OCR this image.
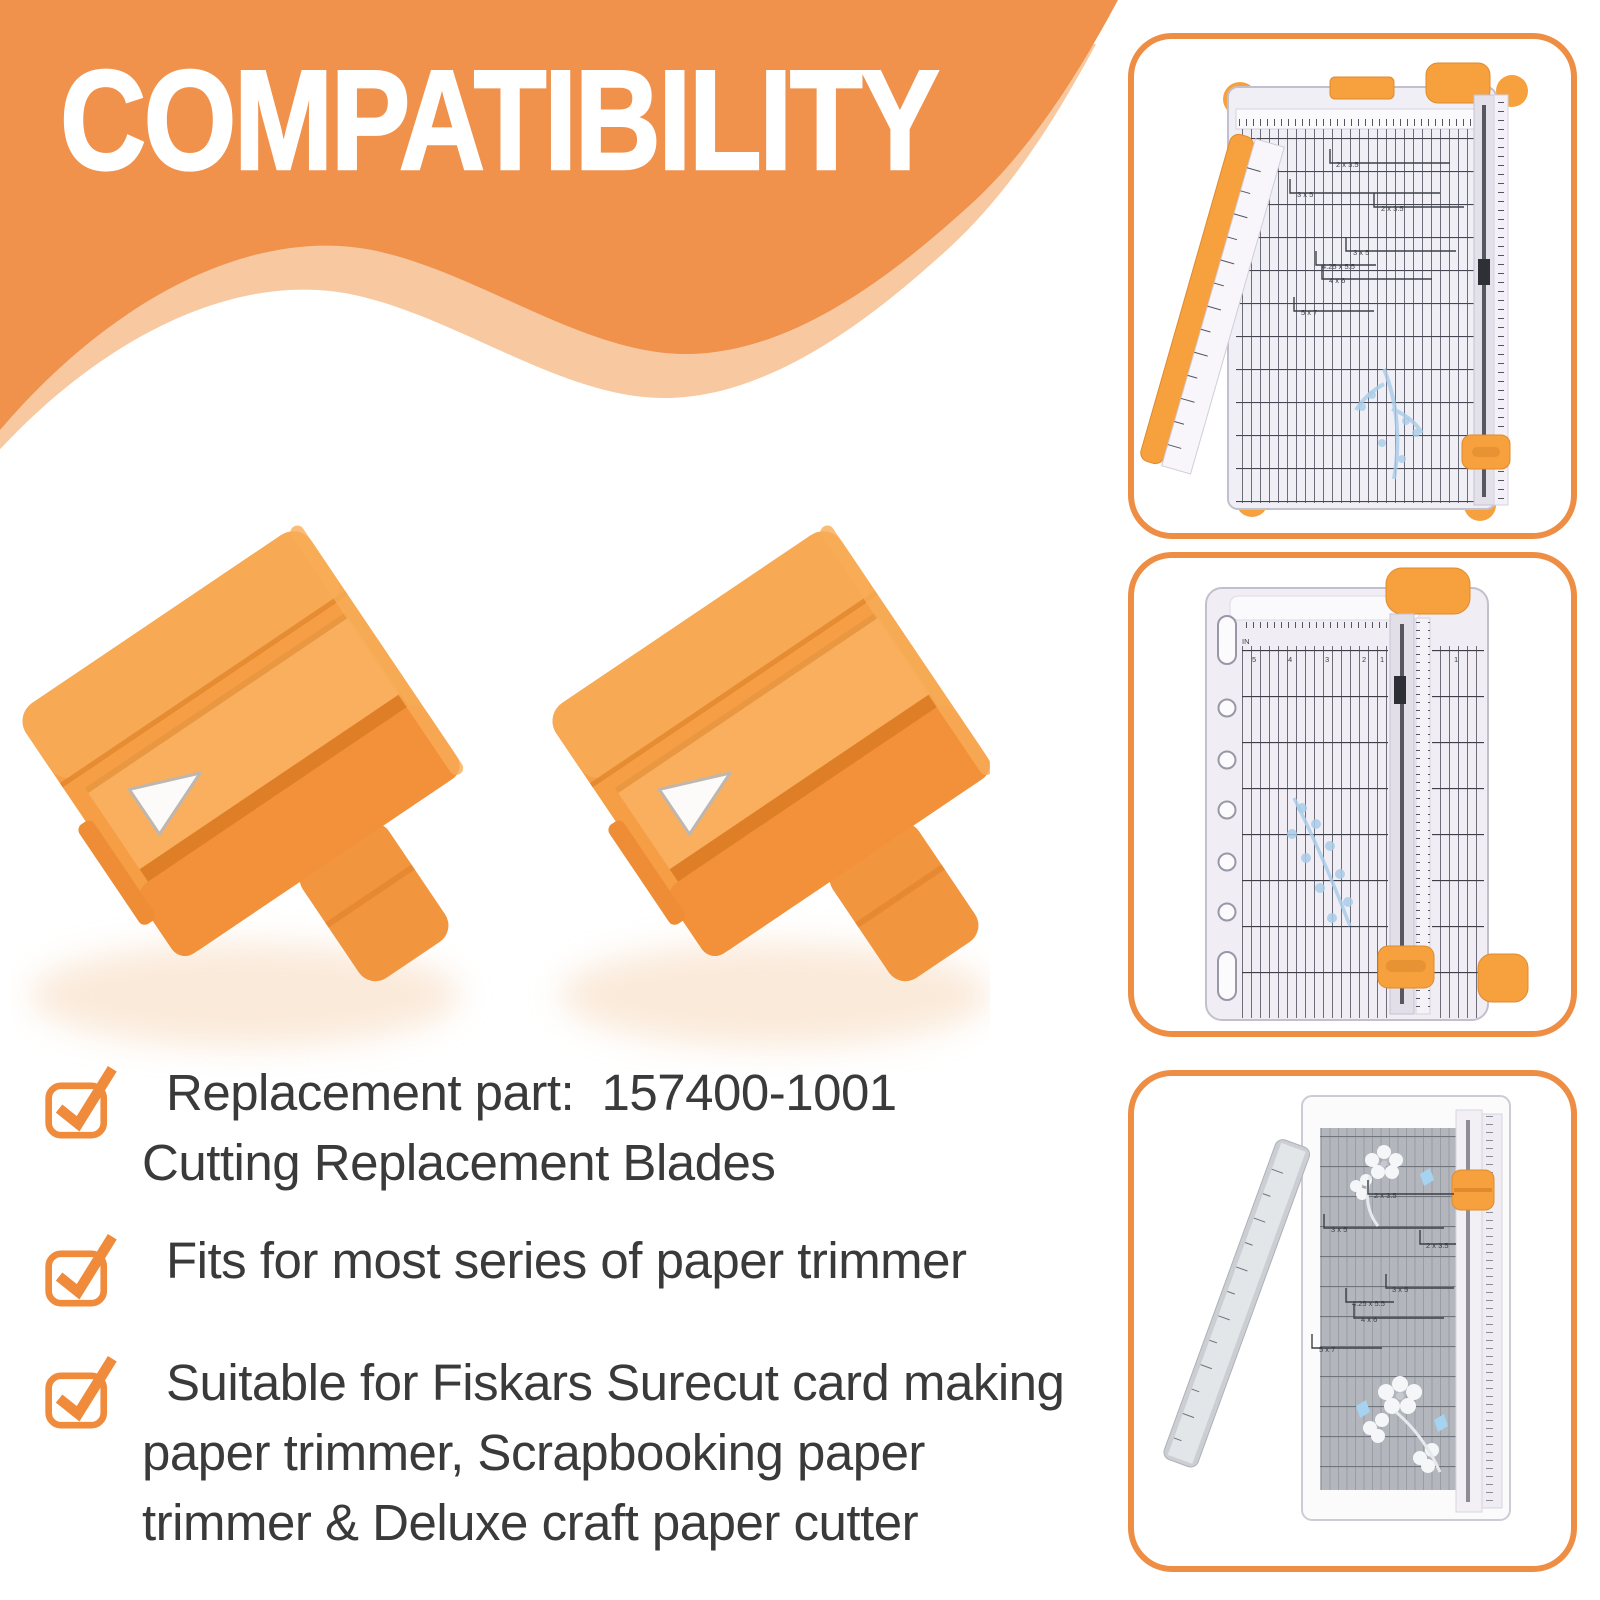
COMPATIBILITY
Replacement part:  157400-1001
Cutting Replacement Blades
Fits for most series of paper trimmer
Suitable for Fiskars Surecut card making
paper trimmer, Scrapbooking paper
trimmer & Deluxe craft paper cutter
2 x 3.5
3 x 5
2 x 3.5
3 x 5
4.25 x 5.5
4 x 6
5 x 7
IN
1
2 x 3.5
3 x 5
2 x 3.5
3 x 5
4.25 x 5.5
4 x 6
5 x 7
